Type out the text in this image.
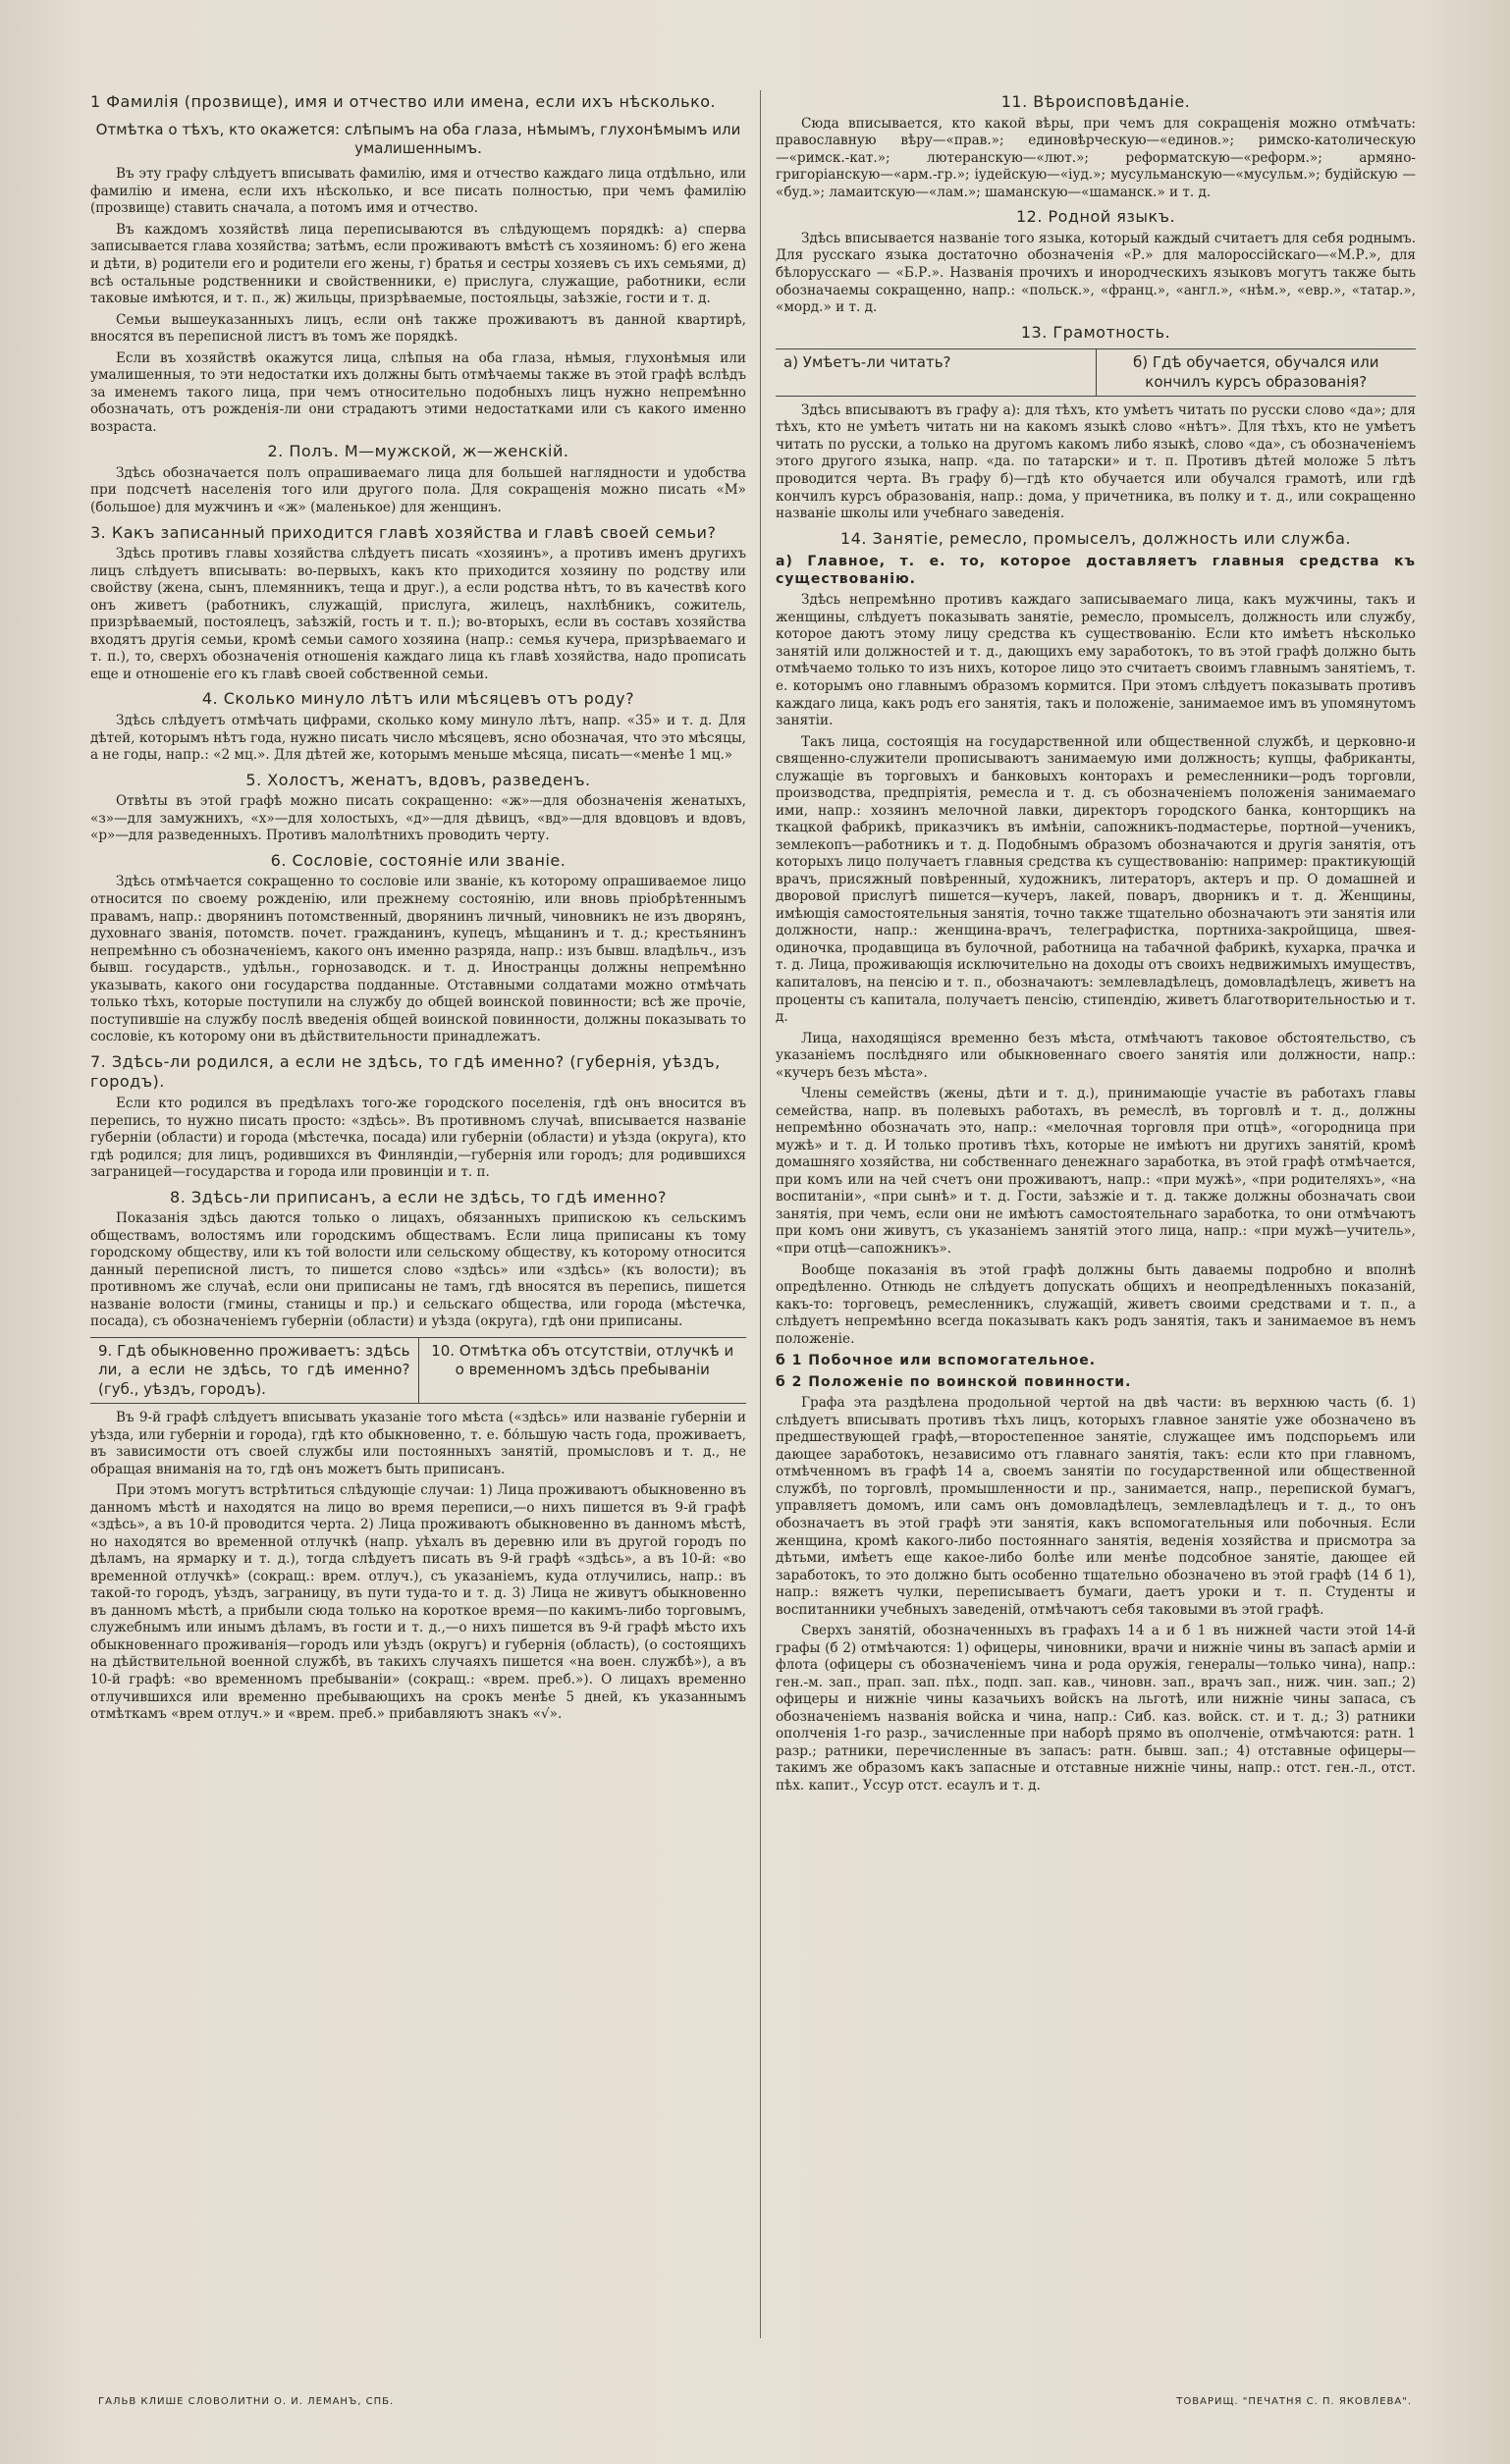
1 Фамилія (прозвище), имя и отчество или имена, если ихъ нѣсколько.
Отмѣтка о тѣхъ, кто окажется: слѣпымъ на оба глаза, нѣмымъ, глухонѣмымъ или умалишеннымъ.

Въ эту графу слѣдуетъ вписывать фамилію, имя и отчество каждаго лица отдѣльно, или фамилію и имена, если ихъ нѣсколько, и все писать полностью, при чемъ фамилію (прозвище) ставить сначала, а потомъ имя и отчество.

Въ каждомъ хозяйствѣ лица переписываются въ слѣдующемъ порядкѣ: а) сперва записывается глава хозяйства; затѣмъ, если проживаютъ вмѣстѣ съ хозяиномъ: б) его жена и дѣти, в) родители его и родители его жены, г) братья и сестры хозяевъ съ ихъ семьями, д) всѣ остальные родственники и свойственники, е) прислуга, служащие, работники, если таковые имѣются, и т. п., ж) жильцы, призрѣваемые, постояльцы, заѣзжіе, гости и т. д.

Семьи вышеуказанныхъ лицъ, если онѣ также проживаютъ въ данной квартирѣ, вносятся въ переписной листъ въ томъ же порядкѣ.

Если въ хозяйствѣ окажутся лица, слѣпыя на оба глаза, нѣмыя, глухонѣмыя или умалишенныя, то эти недостатки ихъ должны быть отмѣчаемы также въ этой графѣ вслѣдъ за именемъ такого лица, при чемъ относительно подобныхъ лицъ нужно непремѣнно обозначать, отъ рожденія-ли они страдаютъ этими недостатками или съ какого именно возраста.

2. Полъ. М—мужской, ж—женскій.

Здѣсь обозначается полъ опрашиваемаго лица для большей наглядности и удобства при подсчетѣ населенія того или другого пола. Для сокращенія можно писать «М» (большое) для мужчинъ и «ж» (маленькое) для женщинъ.

3. Какъ записанный приходится главѣ хозяйства и главѣ своей семьи?

Здѣсь противъ главы хозяйства слѣдуетъ писать «хозяинъ», а противъ именъ другихъ лицъ слѣдуетъ вписывать: во-первыхъ, какъ кто приходится хозяину по родству или свойству (жена, сынъ, племянникъ, теща и друг.), а если родства нѣтъ, то въ качествѣ кого онъ живетъ (работникъ, служащій, прислуга, жилецъ, нахлѣбникъ, сожитель, призрѣваемый, постоялецъ, заѣзжій, гость и т. п.); во-вторыхъ, если въ составъ хозяйства входятъ другія семьи, кромѣ семьи самого хозяина (напр.: семья кучера, призрѣваемаго и т. п.), то, сверхъ обозначенія отношенія каждаго лица къ главѣ хозяйства, надо прописать еще и отношеніе его къ главѣ своей собственной семьи.

4. Сколько минуло лѣтъ или мѣсяцевъ отъ роду?

Здѣсь слѣдуетъ отмѣчать цифрами, сколько кому минуло лѣтъ, напр. «35» и т. д. Для дѣтей, которымъ нѣтъ года, нужно писать число мѣсяцевъ, ясно обозначая, что это мѣсяцы, а не годы, напр.: «2 мц.». Для дѣтей же, которымъ меньше мѣсяца, писать—«менѣе 1 мц.»

5. Холостъ, женатъ, вдовъ, разведенъ.

Отвѣты въ этой графѣ можно писать сокращенно: «ж»—для обозначенія женатыхъ, «з»—для замужнихъ, «х»—для холостыхъ, «д»—для дѣвицъ, «вд»—для вдовцовъ и вдовъ, «р»—для разведенныхъ. Противъ малолѣтнихъ проводить черту.

6. Сословіе, состояніе или званіе.

Здѣсь отмѣчается сокращенно то сословіе или званіе, къ которому опрашиваемое лицо относится по своему рожденію, или прежнему состоянію, или вновь пріобрѣтеннымъ правамъ, напр.: дворянинъ потомственный, дворянинъ личный, чиновникъ не изъ дворянъ, духовнаго званія, потомств. почет. гражданинъ, купецъ, мѣщанинъ и т. д.; крестьянинъ непремѣнно съ обозначеніемъ, какого онъ именно разряда, напр.: изъ бывш. владѣльч., изъ бывш. государств., удѣльн., горнозаводск. и т. д. Иностранцы должны непремѣнно указывать, какого они государства подданные. Отставными солдатами можно отмѣчать только тѣхъ, которые поступили на службу до общей воинской повинности; всѣ же прочіе, поступившіе на службу послѣ введенія общей воинской повинности, должны показывать то сословіе, къ которому они въ дѣйствительности принадлежатъ.

7. Здѣсь-ли родился, а если не здѣсь, то гдѣ именно? (губернія, уѣздъ, городъ).

Если кто родился въ предѣлахъ того-же городского поселенія, гдѣ онъ вносится въ перепись, то нужно писать просто: «здѣсь». Въ противномъ случаѣ, вписывается названіе губерніи (области) и города (мѣстечка, посада) или губерніи (области) и уѣзда (округа), кто гдѣ родился; для лицъ, родившихся въ Финляндіи,—губернія или городъ; для родившихся заграницей—государства и города или провинціи и т. п.

8. Здѣсь-ли приписанъ, а если не здѣсь, то гдѣ именно?

Показанія здѣсь даются только о лицахъ, обязанныхъ припискою къ сельскимъ обществамъ, волостямъ или городскимъ обществамъ. Если лица приписаны къ тому городскому обществу, или къ той волости или сельскому обществу, къ которому относится данный переписной листъ, то пишется слово «здѣсь» или «здѣсь» (къ волости); въ противномъ же случаѣ, если они приписаны не тамъ, гдѣ вносятся въ перепись, пишется названіе волости (гмины, станицы и пр.) и сельскаго общества, или города (мѣстечка, посада), съ обозначеніемъ губерніи (области) и уѣзда (округа), гдѣ они приписаны.

9. Гдѣ обыкновенно проживаетъ: здѣсь ли, а если не здѣсь, то гдѣ именно? (губ., уѣздъ, городъ).
10. Отмѣтка объ отсутствіи, отлучкѣ и о временномъ здѣсь пребываніи

Въ 9-й графѣ слѣдуетъ вписывать указаніе того мѣста («здѣсь» или названіе губерніи и уѣзда, или губерніи и города), гдѣ кто обыкновенно, т. е. бо́льшую часть года, проживаетъ, въ зависимости отъ своей службы или постоянныхъ занятій, промысловъ и т. д., не обращая вниманія на то, гдѣ онъ можетъ быть приписанъ.

При этомъ могутъ встрѣтиться слѣдующіе случаи: 1) Лица проживаютъ обыкновенно въ данномъ мѣстѣ и находятся на лицо во время переписи,—о нихъ пишется въ 9-й графѣ «здѣсь», а въ 10-й проводится черта. 2) Лица проживаютъ обыкновенно въ данномъ мѣстѣ, но находятся во временной отлучкѣ (напр. уѣхалъ въ деревню или въ другой городъ по дѣламъ, на ярмарку и т. д.), тогда слѣдуетъ писать въ 9-й графѣ «здѣсь», а въ 10-й: «во временной отлучкѣ» (сокращ.: врем. отлуч.), съ указаніемъ, куда отлучились, напр.: въ такой-то городъ, уѣздъ, заграницу, въ пути туда-то и т. д. 3) Лица не живутъ обыкновенно въ данномъ мѣстѣ, а прибыли сюда только на короткое время—по какимъ-либо торговымъ, служебнымъ или инымъ дѣламъ, въ гости и т. д.,—о нихъ пишется въ 9-й графѣ мѣсто ихъ обыкновеннаго проживанія—городъ или уѣздъ (округъ) и губернія (область), (о состоящихъ на дѣйствительной военной службѣ, въ такихъ случаяхъ пишется «на воен. службѣ»), а въ 10-й графѣ: «во временномъ пребываніи» (сокращ.: «врем. преб.»). О лицахъ временно отлучившихся или временно пребывающихъ на срокъ менѣе 5 дней, къ указаннымъ отмѣткамъ «врем отлуч.» и «врем. преб.» прибавляютъ знакъ «√».

11. Вѣроисповѣданіе.

Сюда вписывается, кто какой вѣры, при чемъ для сокращенія можно отмѣчать: православную вѣру—«прав.»; единовѣрческую—«единов.»; римско-католическую—«римск.-кат.»; лютеранскую—«лют.»; реформатскую—«реформ.»; армяно-григоріанскую—«арм.-гр.»; іудейскую—«іуд.»; мусульманскую—«мусульм.»; будійскую — «буд.»; ламаитскую—«лам.»; шаманскую—«шаманск.» и т. д.

12. Родной языкъ.

Здѣсь вписывается названіе того языка, который каждый считаетъ для себя роднымъ. Для русскаго языка достаточно обозначенія «Р.» для малороссійскаго—«М.Р.», для бѣлорусскаго — «Б.Р.». Названія прочихъ и инородческихъ языковъ могутъ также быть обозначаемы сокращенно, напр.: «польск.», «франц.», «англ.», «нѣм.», «евр.», «татар.», «морд.» и т. д.

13. Грамотность.
а) Умѣетъ-ли читать?	б) Гдѣ обучается, обучался или кончилъ курсъ образованія?

Здѣсь вписываютъ въ графу а): для тѣхъ, кто умѣетъ читать по русски слово «да»; для тѣхъ, кто не умѣетъ читать ни на какомъ языкѣ слово «нѣтъ». Для тѣхъ, кто не умѣетъ читать по русски, а только на другомъ какомъ либо языкѣ, слово «да», съ обозначеніемъ этого другого языка, напр. «да. по татарски» и т. п. Противъ дѣтей моложе 5 лѣтъ проводится черта. Въ графу б)—гдѣ кто обучается или обучался грамотѣ, или гдѣ кончилъ курсъ образованія, напр.: дома, у причетника, въ полку и т. д., или сокращенно названіе школы или учебнаго заведенія.

14. Занятіе, ремесло, промыселъ, должность или служба.
а) Главное, т. е. то, которое доставляетъ главныя средства къ существованію.

Здѣсь непремѣнно противъ каждаго записываемаго лица, какъ мужчины, такъ и женщины, слѣдуетъ показывать занятіе, ремесло, промыселъ, должность или службу, которое даютъ этому лицу средства къ существованію. Если кто имѣетъ нѣсколько занятій или должностей и т. д., дающихъ ему заработокъ, то въ этой графѣ должно быть отмѣчаемо только то изъ нихъ, которое лицо это считаетъ своимъ главнымъ занятіемъ, т. е. которымъ оно главнымъ образомъ кормится. При этомъ слѣдуетъ показывать противъ каждаго лица, какъ родъ его занятія, такъ и положеніе, занимаемое имъ въ упомянутомъ занятіи.

Такъ лица, состоящія на государственной или общественной службѣ, и церковно-и священно-служители прописываютъ занимаемую ими должность; купцы, фабриканты, служащіе въ торговыхъ и банковыхъ конторахъ и ремесленники—родъ торговли, производства, предпріятія, ремесла и т. д. съ обозначеніемъ положенія занимаемаго ими, напр.: хозяинъ мелочной лавки, директоръ городского банка, конторщикъ на ткацкой фабрикѣ, приказчикъ въ имѣніи, сапожникъ-подмастерье, портной—ученикъ, землекопъ—работникъ и т. д. Подобнымъ образомъ обозначаются и другія занятія, отъ которыхъ лицо получаетъ главныя средства къ существованію: например: практикующій врачъ, присяжный повѣренный, художникъ, литераторъ, актеръ и пр. О домашней и дворовой прислугѣ пишется—кучеръ, лакей, поваръ, дворникъ и т. д. Женщины, имѣющія самостоятельныя занятія, точно также тщательно обозначаютъ эти занятія или должности, напр.: женщина-врачъ, телеграфистка, портниха-закройщица, швея-одиночка, продавщица въ булочной, работница на табачной фабрикѣ, кухарка, прачка и т. д. Лица, проживающія исключительно на доходы отъ своихъ недвижимыхъ имуществъ, капиталовъ, на пенсію и т. п., обозначаютъ: землевладѣлецъ, домовладѣлецъ, живетъ на проценты съ капитала, получаетъ пенсію, стипендію, живетъ благотворительностью и т. д.

Лица, находящіяся временно безъ мѣста, отмѣчаютъ таковое обстоятельство, съ указаніемъ послѣдняго или обыкновеннаго своего занятія или должности, напр.: «кучеръ безъ мѣста».

Члены семействъ (жены, дѣти и т. д.), принимающіе участіе въ работахъ главы семейства, напр. въ полевыхъ работахъ, въ ремеслѣ, въ торговлѣ и т. д., должны непремѣнно обозначать это, напр.: «мелочная торговля при отцѣ», «огородница при мужѣ» и т. д. И только противъ тѣхъ, которые не имѣютъ ни другихъ занятій, кромѣ домашняго хозяйства, ни собственнаго денежнаго заработка, въ этой графѣ отмѣчается, при комъ или на чей счетъ они проживаютъ, напр.: «при мужѣ», «при родителяхъ», «на воспитаніи», «при сынѣ» и т. д. Гости, заѣзжіе и т. д. также должны обозначать свои занятія, при чемъ, если они не имѣютъ самостоятельнаго заработка, то они отмѣчаютъ при комъ они живутъ, съ указаніемъ занятій этого лица, напр.: «при мужѣ—учитель», «при отцѣ—сапожникъ».

Вообще показанія въ этой графѣ должны быть даваемы подробно и вполнѣ опредѣленно. Отнюдь не слѣдуетъ допускать общихъ и неопредѣленныхъ показаній, какъ-то: торговецъ, ремесленникъ, служащій, живетъ своими средствами и т. п., а слѣдуетъ непремѣнно всегда показывать какъ родъ занятія, такъ и занимаемое въ немъ положеніе.

б 1 Побочное или вспомогательное.
б 2 Положеніе по воинской повинности.

Графа эта раздѣлена продольной чертой на двѣ части: въ верхнюю часть (б. 1) слѣдуетъ вписывать противъ тѣхъ лицъ, которыхъ главное занятіе уже обозначено въ предшествующей графѣ,—второстепенное занятіе, служащее имъ подспорьемъ или дающее заработокъ, независимо отъ главнаго занятія, такъ: если кто при главномъ, отмѣченномъ въ графѣ 14 а, своемъ занятіи по государственной или общественной службѣ, по торговлѣ, промышленности и пр., занимается, напр., перепиской бумагъ, управляетъ домомъ, или самъ онъ домовладѣлецъ, землевладѣлецъ и т. д., то онъ обозначаетъ въ этой графѣ эти занятія, какъ вспомогательныя или побочныя. Если женщина, кромѣ какого-либо постояннаго занятія, веденія хозяйства и присмотра за дѣтьми, имѣетъ еще какое-либо болѣе или менѣе подсобное занятіе, дающее ей заработокъ, то это должно быть особенно тщательно обозначено въ этой графѣ (14 б 1), напр.: вяжетъ чулки, переписываетъ бумаги, даетъ уроки и т. п. Студенты и воспитанники учебныхъ заведеній, отмѣчаютъ себя таковыми въ этой графѣ.

Сверхъ занятій, обозначенныхъ въ графахъ 14 а и б 1 въ нижней части этой 14-й графы (б 2) отмѣчаются: 1) офицеры, чиновники, врачи и нижніе чины въ запасѣ арміи и флота (офицеры съ обозначеніемъ чина и рода оружія, генералы—только чина), напр.: ген.-м. зап., прап. зап. пѣх., подп. зап. кав., чиновн. зап., врачъ зап., ниж. чин. зап.; 2) офицеры и нижніе чины казачьихъ войскъ на льготѣ, или нижніе чины запаса, съ обозначеніемъ названія войска и чина, напр.: Сиб. каз. войск. ст. и т. д.; 3) ратники ополченія 1-го разр., зачисленные при наборѣ прямо въ ополченіе, отмѣчаются: ратн. 1 разр.; ратники, перечисленные въ запасъ: ратн. бывш. зап.; 4) отставные офицеры—такимъ же образомъ какъ запасные и отставные нижніе чины, напр.: отст. ген.-л., отст. пѣх. капит., Уссур отст. есаулъ и т. д.

ГАЛЬВ КЛИШЕ СЛОВОЛИТНИ О. И. ЛЕМАНЪ, СПБ.	ТОВАРИЩ. "ПЕЧАТНЯ С. П. ЯКОВЛЕВА".
